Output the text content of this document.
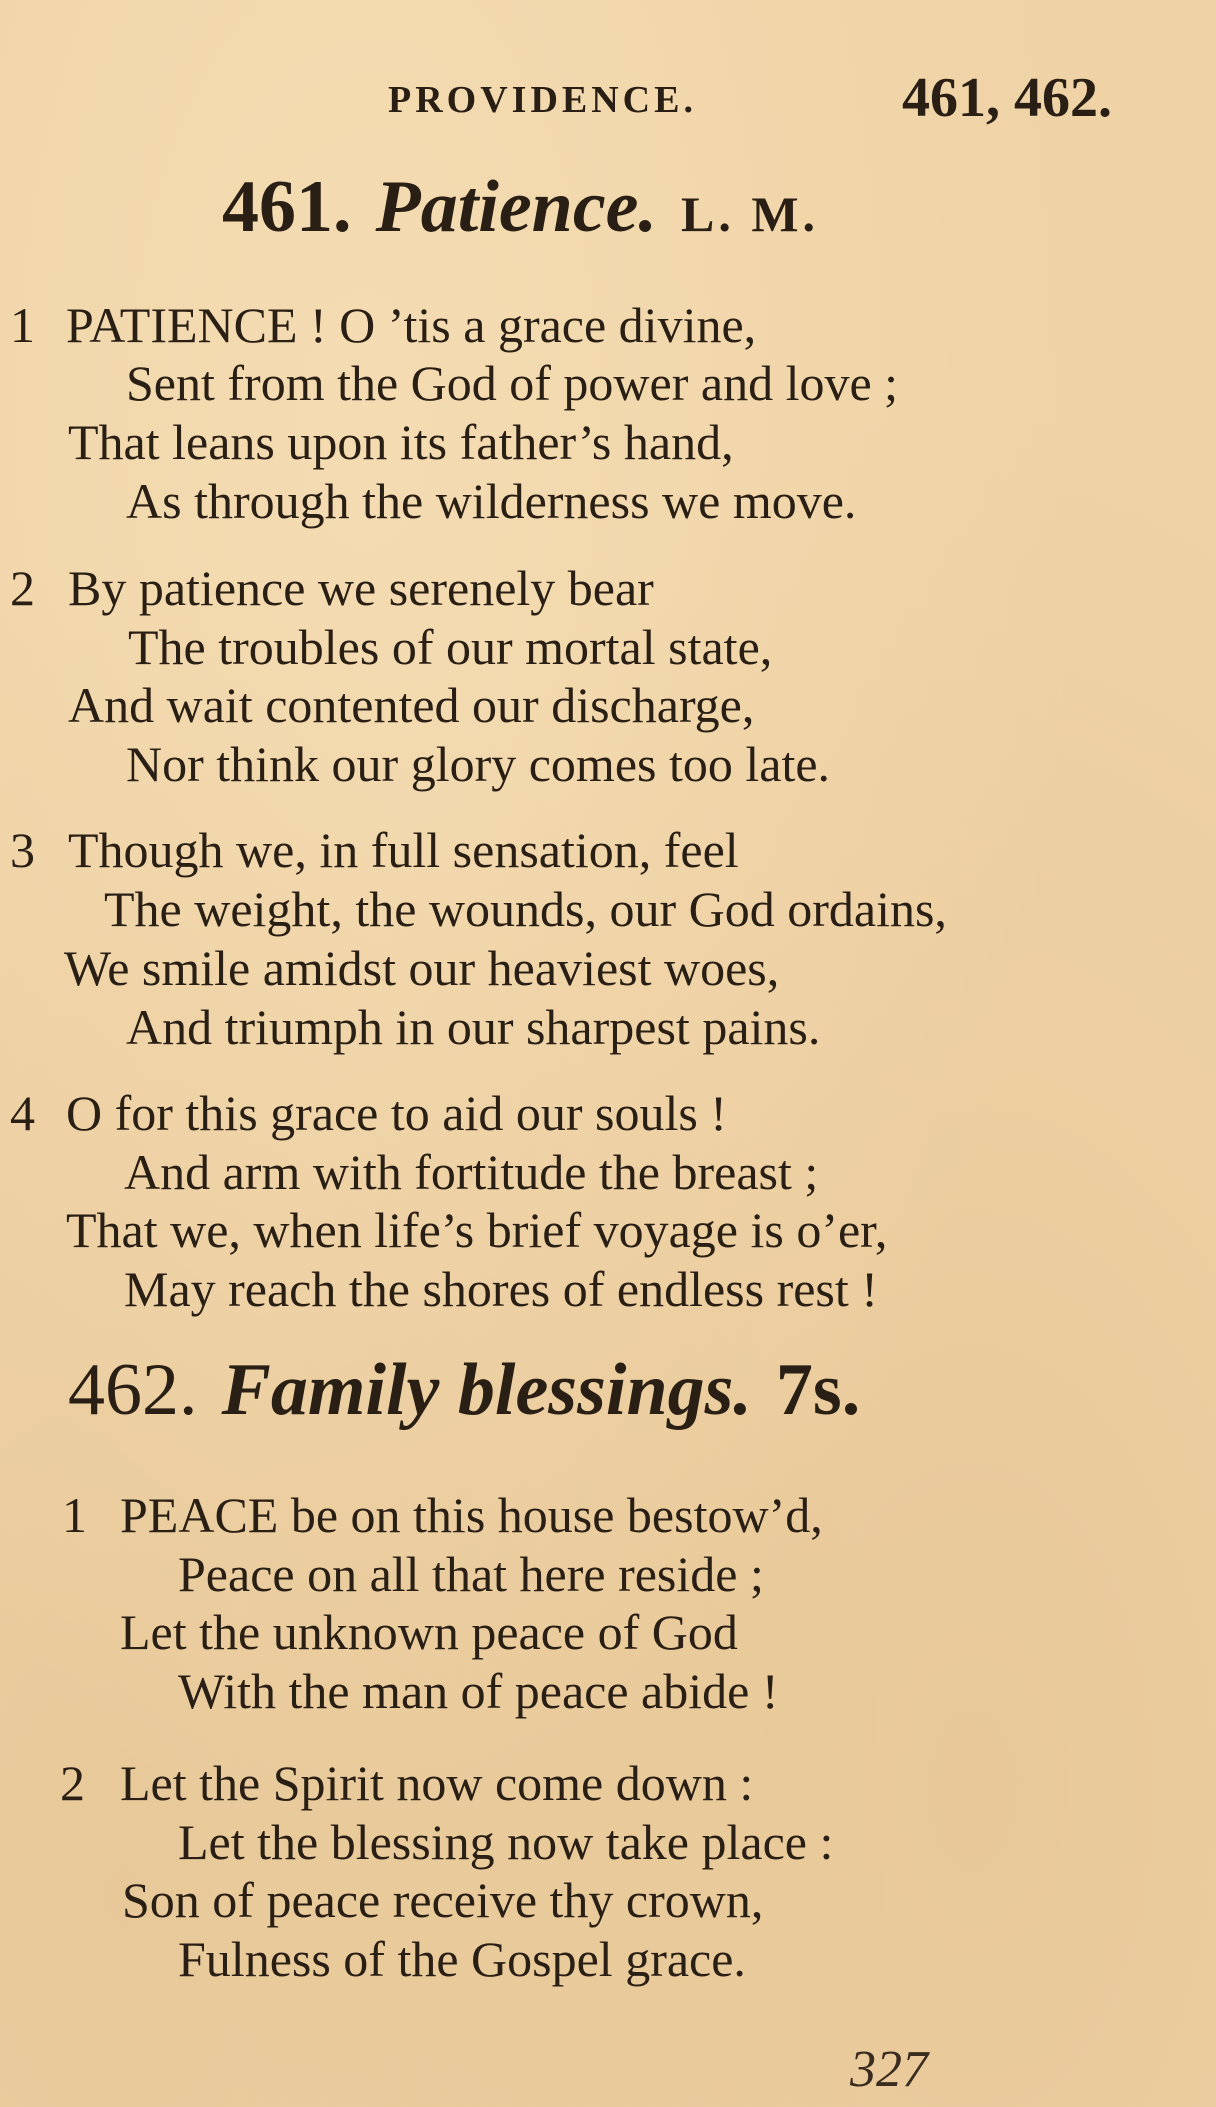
PROVIDENCE.	461, 462.
461. Patience. L. M.
1 PATIENCE ! O ’tis a grace divine,
Sent from the God of power and love ;
That leans upon its father’s hand,
As through the wilderness we move.
2 By patience we serenely bear
The troubles of our mortal state,
And wait contented our discharge,
Nor think our glory comes too late.
3 Though we, in full sensation, feel
The weight, the wounds, our God ordains,
We smile amidst our heaviest woes,
And triumph in our sharpest pains.
4 O for this grace to aid our souls !
And arm with fortitude the breast ;
That we, when life’s brief voyage is o’er,
May reach the shores of endless rest !
462. Family blessings. 7s.
1 PEACE be on this house bestow’d,
Peace on all that here reside ;
Let the unknown peace of God
With the man of peace abide !
2 Let the Spirit now come down :
Let the blessing now take place :
Son of peace receive thy crown,
Fulness of the Gospel grace.
327
